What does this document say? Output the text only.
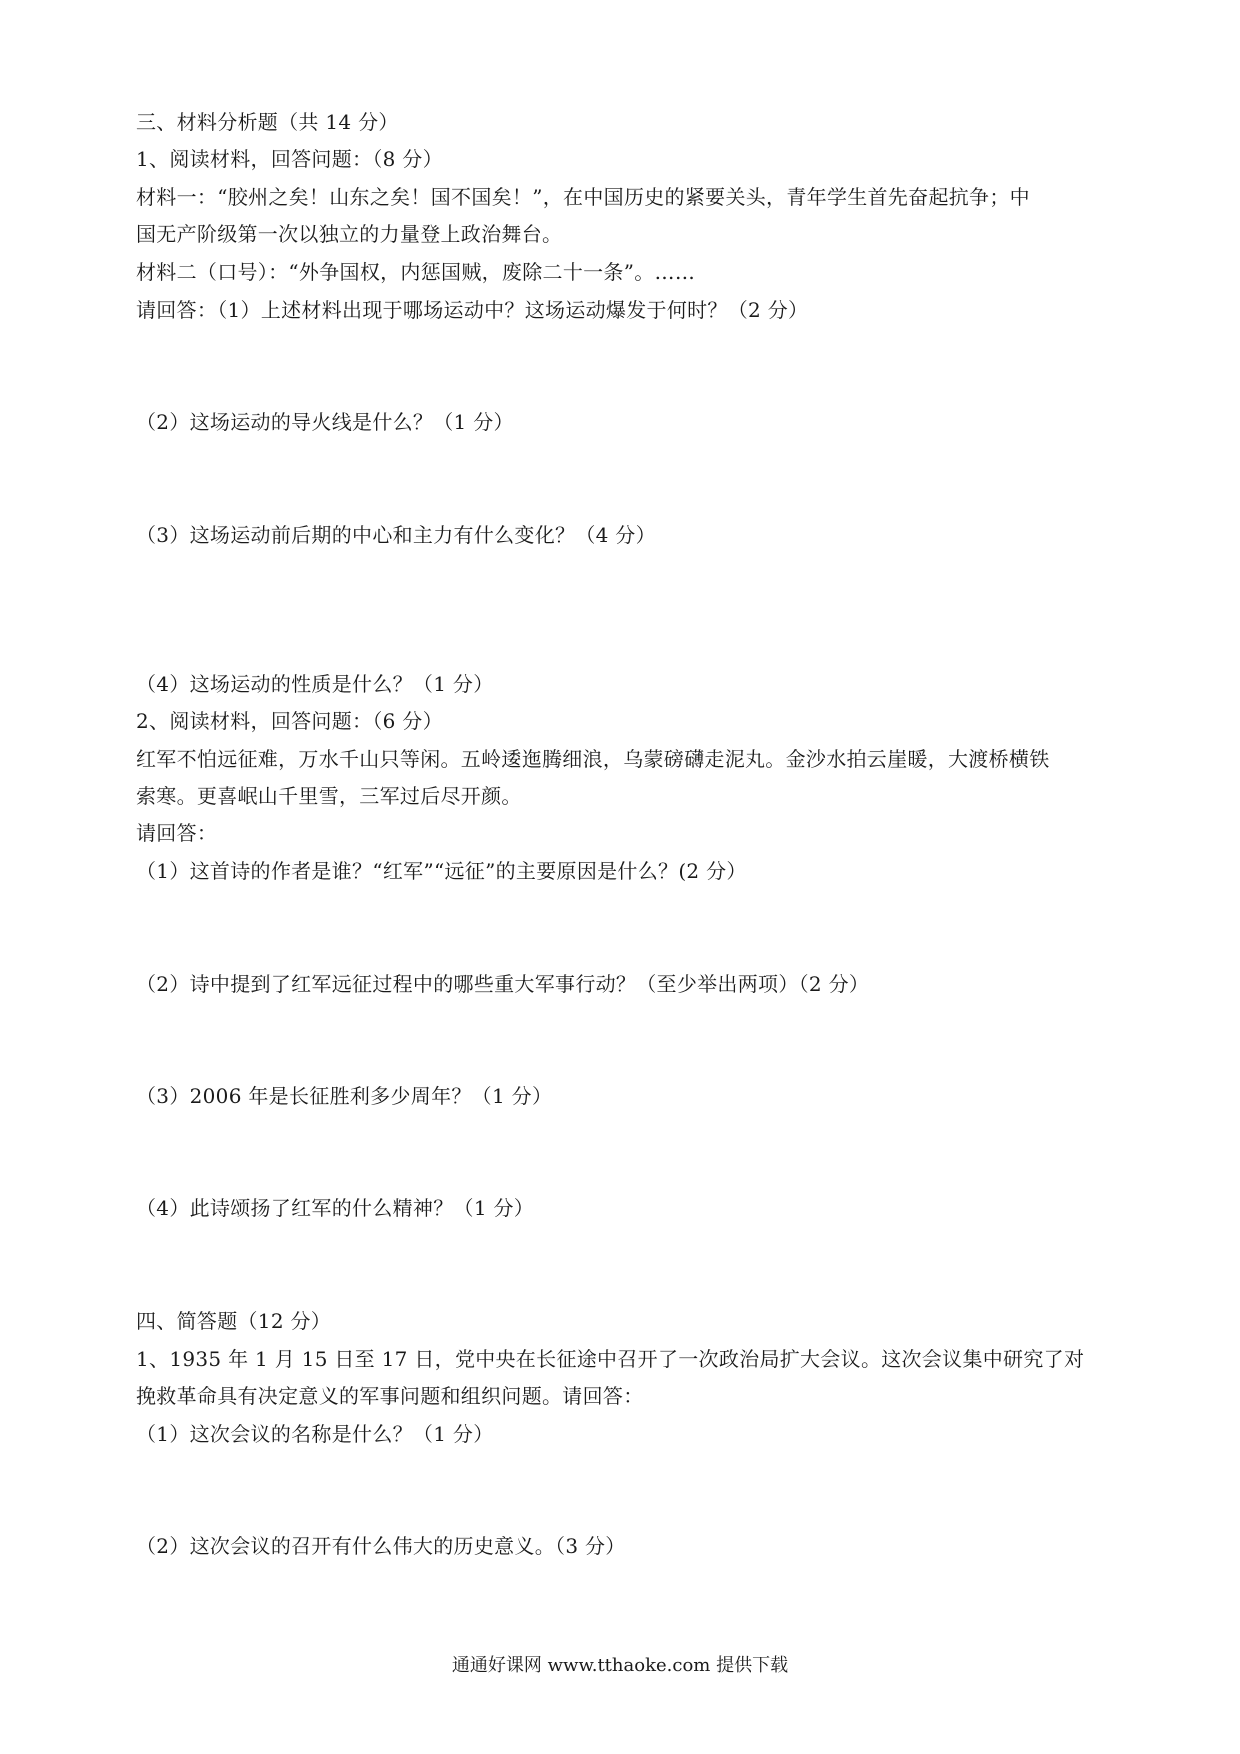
三、材料分析题（共 14 分）
1、阅读材料，回答问题：（8 分）
材料一：“胶州之矣！山东之矣！国不国矣！”，在中国历史的紧要关头，青年学生首先奋起抗争；中
国无产阶级第一次以独立的力量登上政治舞台。
材料二（口号）：“外争国权，内惩国贼，废除二十一条”。……
请回答：（1）上述材料出现于哪场运动中？这场运动爆发于何时？（2 分）
（2）这场运动的导火线是什么？（1 分）
（3）这场运动前后期的中心和主力有什么变化？（4 分）
（4）这场运动的性质是什么？（1 分）
2、阅读材料，回答问题：（6 分）
红军不怕远征难，万水千山只等闲。五岭逶迤腾细浪，乌蒙磅礴走泥丸。金沙水拍云崖暖，大渡桥横铁
索寒。更喜岷山千里雪，三军过后尽开颜。
请回答：
（1）这首诗的作者是谁？“红军”“远征”的主要原因是什么？(2 分）
（2）诗中提到了红军远征过程中的哪些重大军事行动？（至少举出两项）（2 分）
（3）2006 年是长征胜利多少周年？（1 分）
（4）此诗颂扬了红军的什么精神？（1 分）
四、简答题（12 分）
1、1935 年 1 月 15 日至 17 日，党中央在长征途中召开了一次政治局扩大会议。这次会议集中研究了对
挽救革命具有决定意义的军事问题和组织问题。请回答：
（1）这次会议的名称是什么？（1 分）
（2）这次会议的召开有什么伟大的历史意义。（3 分）
通通好课网 www.tthaoke.com 提供下载
